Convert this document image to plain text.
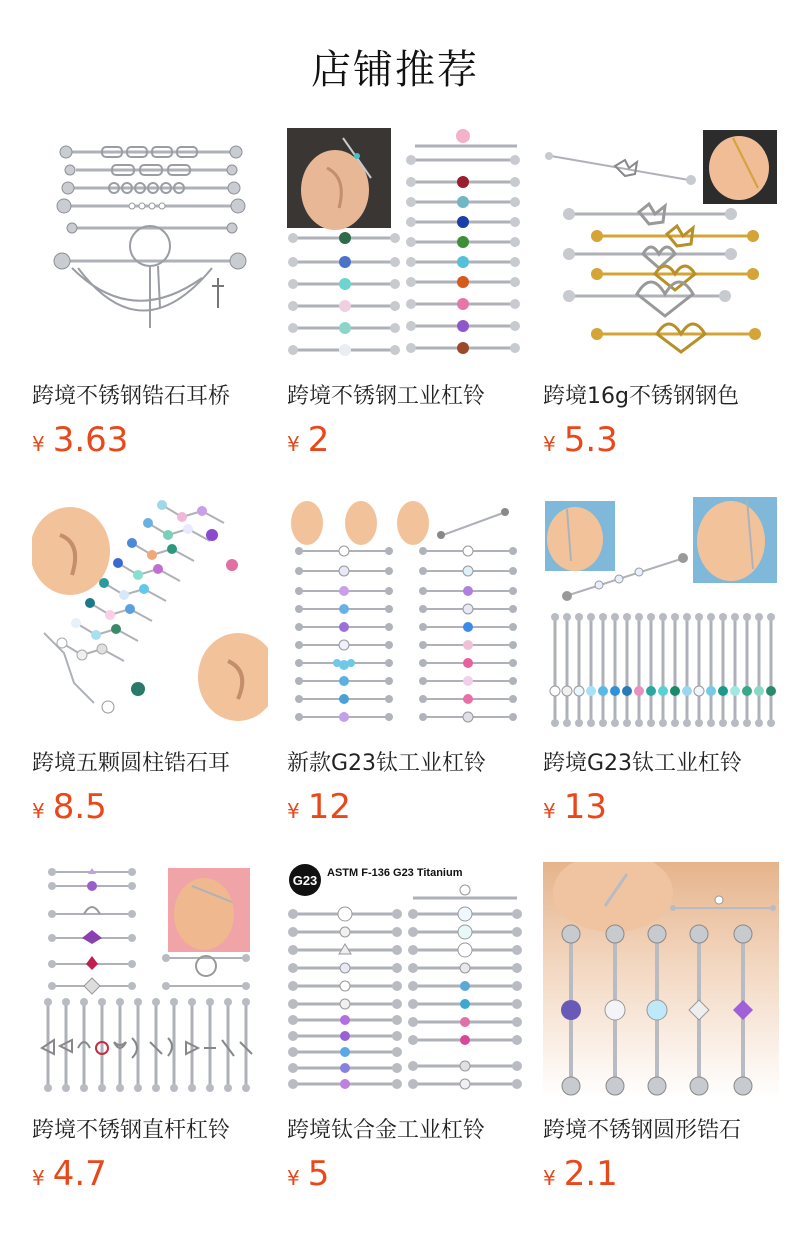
店铺推荐
跨境不锈钢锆石耳桥
¥ 3.63
跨境不锈钢工业杠铃
¥ 2
跨境16g不锈钢钢色
¥ 5.3
跨境五颗圆柱锆石耳
¥ 8.5
新款G23钛工业杠铃
¥ 12
跨境G23钛工业杠铃
¥ 13
跨境不锈钢直杆杠铃
¥ 4.7
G23 ASTM F-136 G23 Titanium
跨境钛合金工业杠铃
¥ 5
跨境不锈钢圆形锆石
¥ 2.1
